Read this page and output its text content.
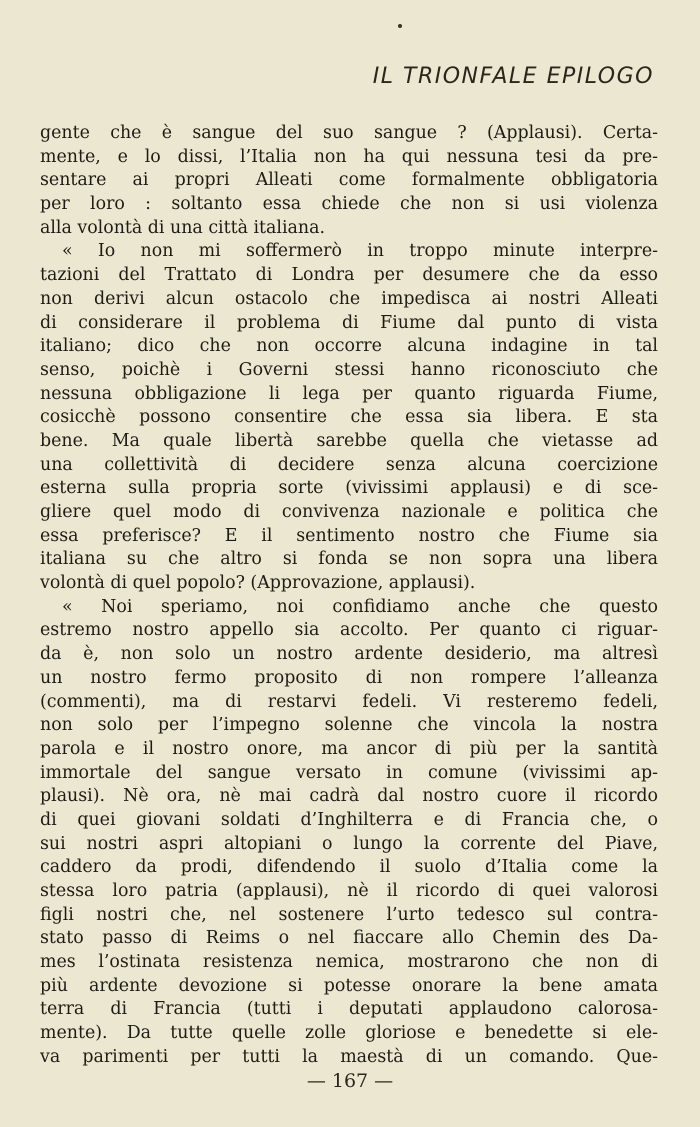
IL TRIONFALE EPILOGO
gente che è sangue del suo sangue ? (Applausi). Certa-
mente, e lo dissi, l’Italia non ha qui nessuna tesi da pre-
sentare ai propri Alleati come formalmente obbligatoria
per loro : soltanto essa chiede che non si usi violenza
alla volontà di una città italiana.
« Io non mi soffermerò in troppo minute interpre-
tazioni del Trattato di Londra per desumere che da esso
non derivi alcun ostacolo che impedisca ai nostri Alleati
di considerare il problema di Fiume dal punto di vista
italiano; dico che non occorre alcuna indagine in tal
senso, poichè i Governi stessi hanno riconosciuto che
nessuna obbligazione li lega per quanto riguarda Fiume,
cosicchè possono consentire che essa sia libera. E sta
bene. Ma quale libertà sarebbe quella che vietasse ad
una collettività di decidere senza alcuna coercizione
esterna sulla propria sorte (vivissimi applausi) e di sce-
gliere quel modo di convivenza nazionale e politica che
essa preferisce? E il sentimento nostro che Fiume sia
italiana su che altro si fonda se non sopra una libera
volontà di quel popolo? (Approvazione, applausi).
« Noi speriamo, noi confidiamo anche che questo
estremo nostro appello sia accolto. Per quanto ci riguar-
da è, non solo un nostro ardente desiderio, ma altresì
un nostro fermo proposito di non rompere l’alleanza
(commenti), ma di restarvi fedeli. Vi resteremo fedeli,
non solo per l’impegno solenne che vincola la nostra
parola e il nostro onore, ma ancor di più per la santità
immortale del sangue versato in comune (vivissimi ap-
plausi). Nè ora, nè mai cadrà dal nostro cuore il ricordo
di quei giovani soldati d’Inghilterra e di Francia che, o
sui nostri aspri altopiani o lungo la corrente del Piave,
caddero da prodi, difendendo il suolo d’Italia come la
stessa loro patria (applausi), nè il ricordo di quei valorosi
figli nostri che, nel sostenere l’urto tedesco sul contra-
stato passo di Reims o nel fiaccare allo Chemin des Da-
mes l’ostinata resistenza nemica, mostrarono che non di
più ardente devozione si potesse onorare la bene amata
terra di Francia (tutti i deputati applaudono calorosa-
mente). Da tutte quelle zolle gloriose e benedette si ele-
va parimenti per tutti la maestà di un comando. Que-
— 167 —
